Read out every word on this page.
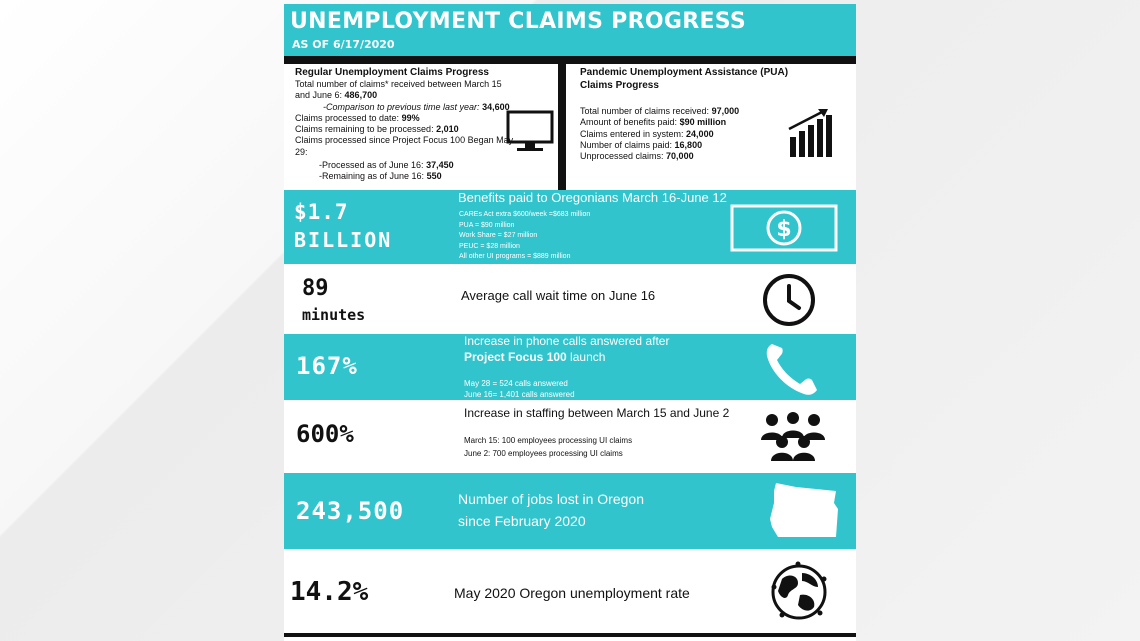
UNEMPLOYMENT CLAIMS PROGRESS
AS OF 6/17/2020
Regular Unemployment Claims Progress
Total number of claims* received between March 15
and June 6: 486,700
-Comparison to previous time last year: 34,600
Claims processed to date: 99%
Claims remaining to be processed: 2,010
Claims processed since Project Focus 100 Began May
29:
-Processed as of June 16: 37,450
-Remaining as of June 16: 550
Pandemic Unemployment Assistance (PUA)
Claims Progress
Total number of claims received: 97,000
Amount of benefits paid: $90 million
Claims entered in system: 24,000
Number of claims paid: 16,800
Unprocessed claims: 70,000
$1.7
BILLION
Benefits paid to Oregonians March 16-June 12
CAREs Act extra $600/week =$683 million
PUA = $90 million
Work Share = $27 million
PEUC = $28 million
All other UI programs = $889 million
$
89
minutes
Average call wait time on June 16
167%
Increase in phone calls answered after
Project Focus 100 launch
May 28 = 524 calls answered
June 16= 1,401 calls answered
600%
Increase in staffing between March 15 and June 2
March 15: 100 employees processing UI claims
June 2: 700 employees processing UI claims
243,500	Number of jobs lost in Oregon
since February 2020
14.2%	May 2020 Oregon unemployment rate
